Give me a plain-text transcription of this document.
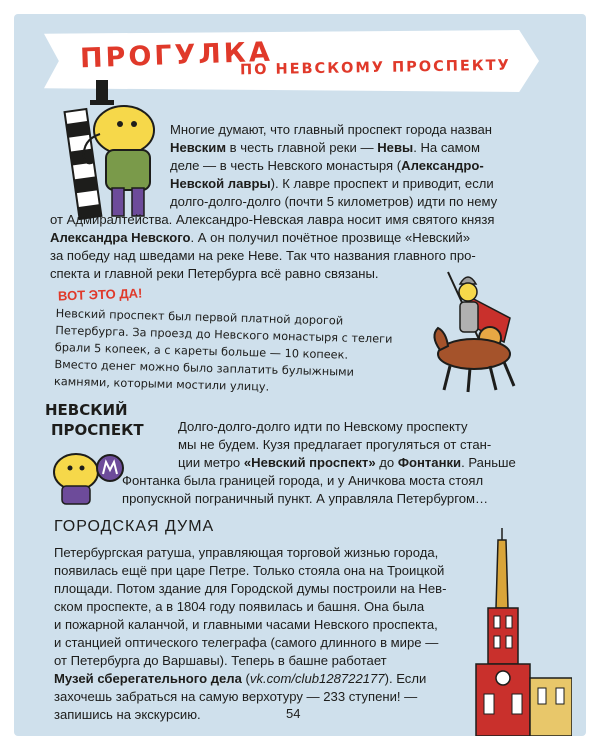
ПРОГУЛКА
ПО НЕВСКОМУ ПРОСПЕКТУ
Многие думают, что главный проспект города назван
Невским в честь главной реки — Невы. На самом
деле — в честь Невского монастыря (Александро-
Невской лавры). К лавре проспект и приводит, если
долго-долго-долго (почти 5 километров) идти по нему
от Адмиралтейства. Александро-Невская лавра носит имя святого князя
Александра Невского. А он получил почётное прозвище «Невский»
за победу над шведами на реке Неве. Так что названия главного про-
спекта и главной реки Петербурга всё равно связаны.
ВОТ ЭТО ДА!
Невский проспект был первой платной дорогой
Петербурга. За проезд до Невского монастыря с телеги
брали 5 копеек, а с кареты больше — 10 копеек.
Вместо денег можно было заплатить булыжными
камнями, которыми мостили улицу.
НЕВСКИЙ
ПРОСПЕКТ	Долго-долго-долго идти по Невскому проспекту
мы не будем. Кузя предлагает прогуляться от стан-
ции метро «Невский проспект» до Фонтанки. Раньше
Фонтанка была границей города, и у Аничкова моста стоял
пропускной пограничный пункт. А управляла Петербургом…
ГОРОДСКАЯ ДУМА
Петербургская ратуша, управляющая торговой жизнью города,
появилась ещё при царе Петре. Только стояла она на Троицкой
площади. Потом здание для Городской думы построили на Нев-
ском проспекте, а в 1804 году появилась и башня. Она была
и пожарной каланчой, и главными часами Невского проспекта,
и станцией оптического телеграфа (самого длинного в мире —
от Петербурга до Варшавы). Теперь в башне работает
Музей сберегательного дела (vk.com/club128722177). Если
захочешь забраться на самую верхотуру — 233 ступени! —
запишись на экскурсию.	54
